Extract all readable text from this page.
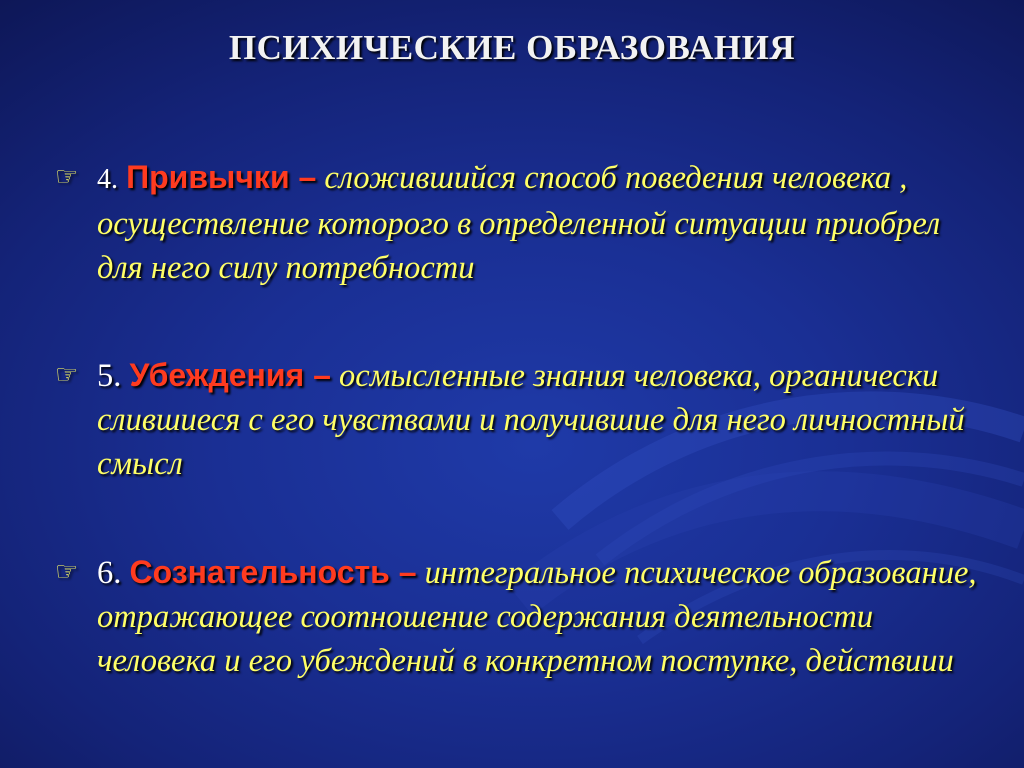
ПСИХИЧЕСКИЕ ОБРАЗОВАНИЯ
☞ 4. Привычки – сложившийся способ поведения человека , осуществление которого в определенной ситуации приобрел для него силу потребности
☞ 5. Убеждения – осмысленные знания человека, органически слившиеся с его чувствами и получившие для него личностный смысл
☞ 6. Сознательность – интегральное психическое образование, отражающее соотношение содержания деятельности человека и его убеждений в конкретном поступке, действиии
